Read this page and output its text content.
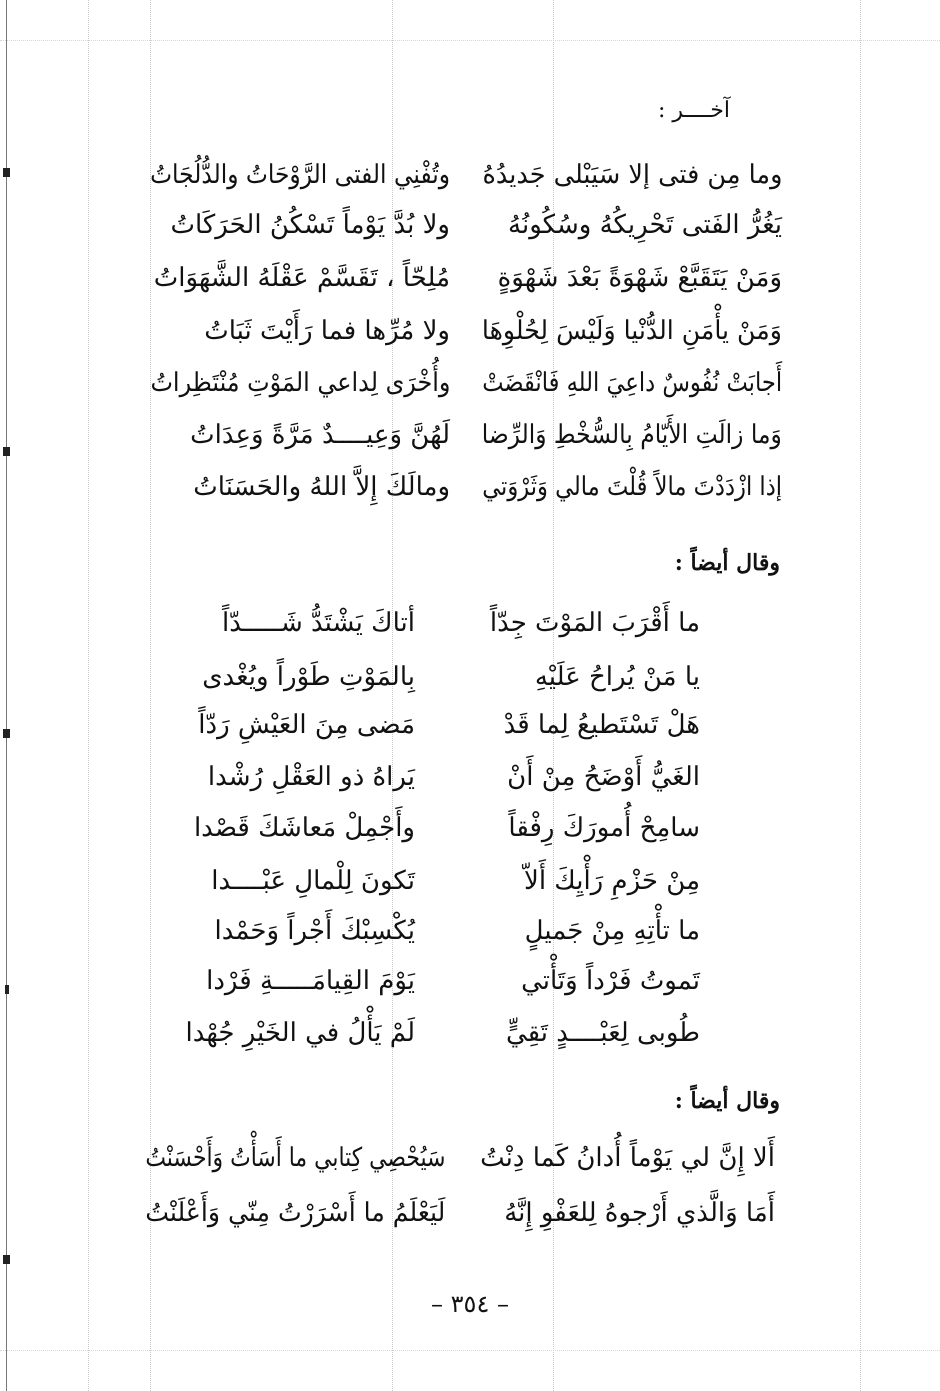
آخــــر :
وما مِن فتى إلا سَيَبْلى جَديدُهُ
وتُفْنِي الفتى الرَّوْحَاتُ والدُّلُجَاتُ
يَغُرُّ الفَتى تَحْرِيكُهُ وسُكُونُهُ
ولا بُدَّ يَوْماً تَسْكُنُ الحَرَكَاتُ
وَمَنْ يَتَقَبَّعْ شَهْوَةً بَعْدَ شَهْوَةٍ
مُلِحّاً ، تَقَسَّمْ عَقْلَهُ الشَّهَوَاتُ
وَمَنْ يأْمَنِ الدُّنْيا وَلَيْسَ لِحُلْوِهَا
ولا مُرِّها فما رَأَيْتَ ثَبَاتُ
أَجابَتْ نُفُوسٌ داعِيَ اللهِ فَانْقَضَتْ
وأُخْرَى لِداعي المَوْتِ مُنْتَظِراتُ
وَما زالَتِ الأَيّامُ بِالسُّخْطِ وَالرِّضا
لَهُنَّ وَعِيــــدٌ مَرَّةً وَعِدَاتُ
إذا ازْدَدْتَ مالاً قُلْتَ مالي وَثَرْوَتي
ومالَكَ إِلاَّ اللهُ والحَسَنَاتُ
وقال أيضاً :
ما أَقْرَبَ المَوْتَ جِدّاً
أتاكَ يَشْتَدُّ شَـــــدّاً
يا مَنْ يُراحُ عَلَيْهِ
بِالمَوْتِ طَوْراً ويُغْدى
هَلْ تَسْتَطيعُ لِما قَدْ
مَضى مِنَ العَيْشِ رَدّاً
الغَيُّ أَوْضَحُ مِنْ أَنْ
يَراهُ ذو العَقْلِ رُشْدا
سامِحْ أُمورَكَ رِفْقاً
وأَجْمِلْ مَعاشَكَ قَصْدا
مِنْ حَزْمِ رَأْيِكَ أَلاّ
تَكونَ لِلْمالِ عَبْــــدا
ما تأْتِهِ مِنْ جَميلٍ
يُكْسِبْكَ أَجْراً وَحَمْدا
تَموتُ فَرْداً وَتَأْتي
يَوْمَ القِيامَـــــةِ فَرْدا
طُوبى لِعَبْــــدٍ تَقِيٍّ
لَمْ يَأْلُ في الخَيْرِ جُهْدا
وقال أيضاً :
أَلا إِنَّ لي يَوْماً أُدانُ كَما دِنْتُ
سَيُحْصِي كِتابي ما أَسَأْتُ وَأَحْسَنْتُ
أَمَا وَالَّذي أَرْجوهُ لِلعَفْوِ إِنَّهُ
لَيَعْلَمُ ما أَسْرَرْتُ مِنّي وَأَعْلَنْتُ
– ٣٥٤ –
